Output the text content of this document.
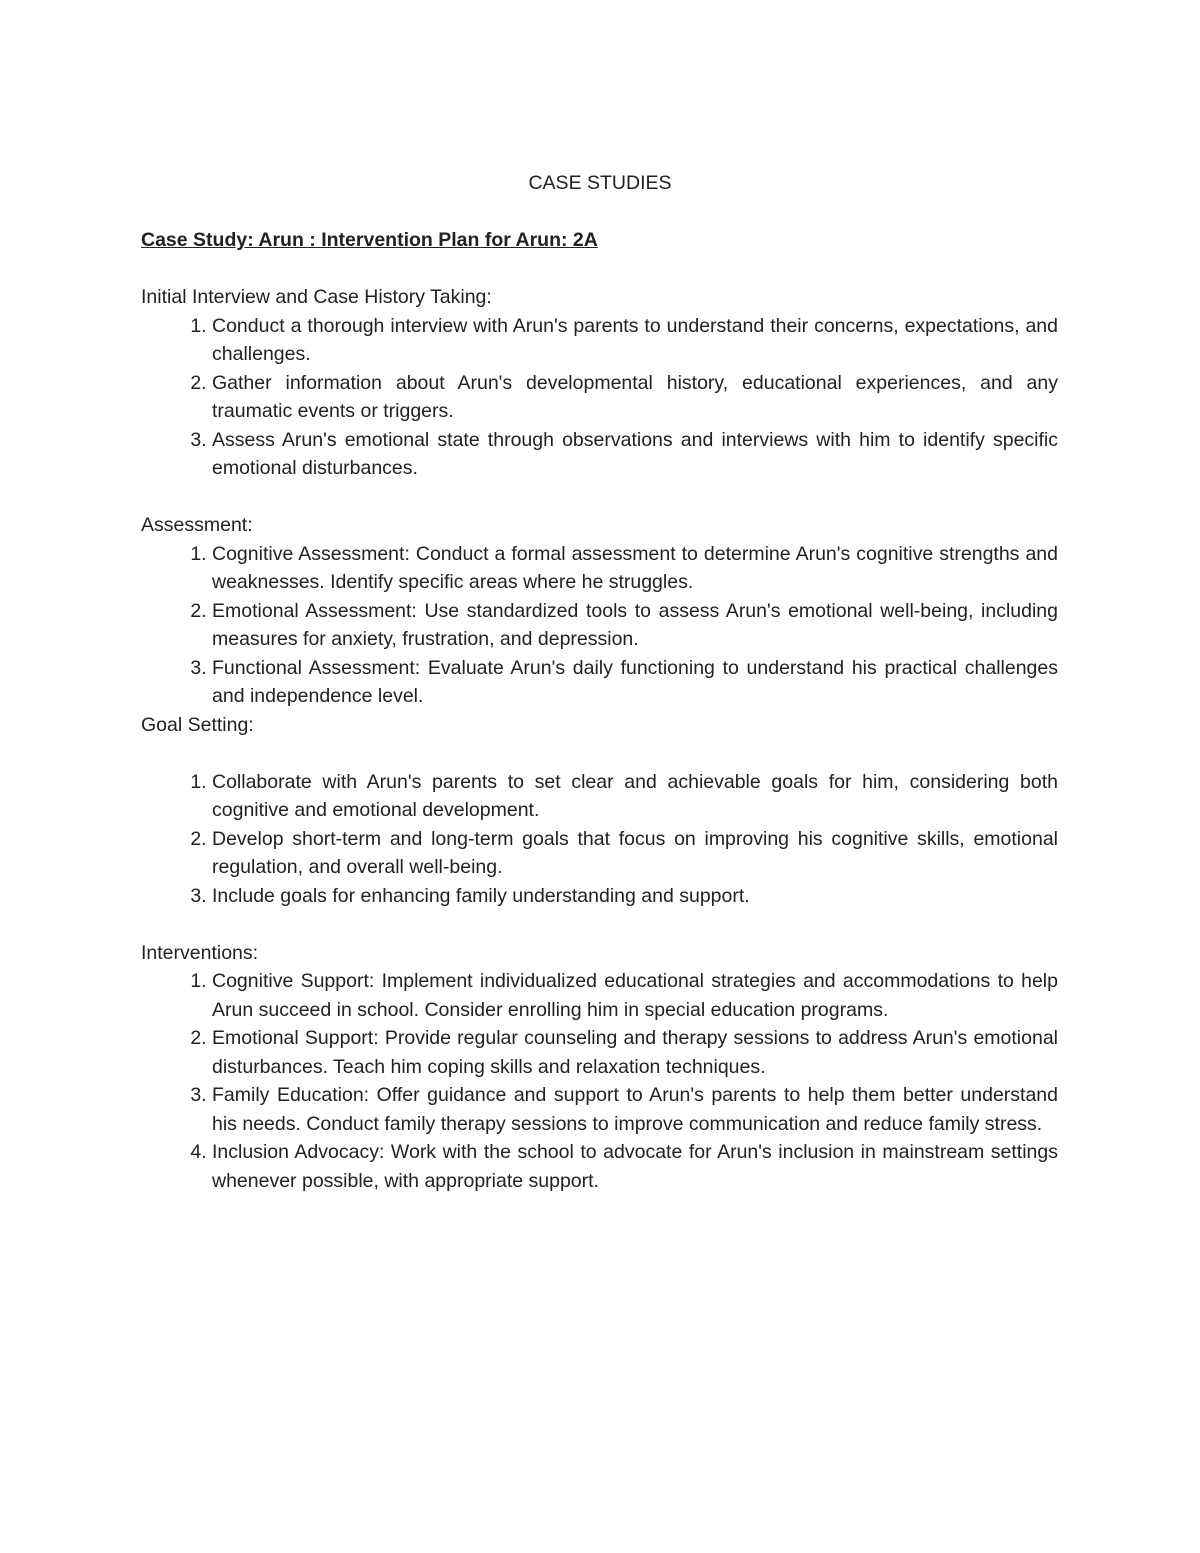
CASE STUDIES

Case Study: Arun : Intervention Plan for Arun: 2A

Initial Interview and Case History Taking:

1. Conduct a thorough interview with Arun's parents to understand their concerns, expectations, and challenges.
2. Gather information about Arun's developmental history, educational experiences, and any traumatic events or triggers.
3. Assess Arun's emotional state through observations and interviews with him to identify specific emotional disturbances.

Assessment:

1. Cognitive Assessment: Conduct a formal assessment to determine Arun's cognitive strengths and weaknesses. Identify specific areas where he struggles.
2. Emotional Assessment: Use standardized tools to assess Arun's emotional well-being, including measures for anxiety, frustration, and depression.
3. Functional Assessment: Evaluate Arun's daily functioning to understand his practical challenges and independence level.

Goal Setting:

1. Collaborate with Arun's parents to set clear and achievable goals for him, considering both cognitive and emotional development.
2. Develop short-term and long-term goals that focus on improving his cognitive skills, emotional regulation, and overall well-being.
3. Include goals for enhancing family understanding and support.

Interventions:

1. Cognitive Support: Implement individualized educational strategies and accommodations to help Arun succeed in school. Consider enrolling him in special education programs.
2. Emotional Support: Provide regular counseling and therapy sessions to address Arun's emotional disturbances. Teach him coping skills and relaxation techniques.
3. Family Education: Offer guidance and support to Arun's parents to help them better understand his needs. Conduct family therapy sessions to improve communication and reduce family stress.
4. Inclusion Advocacy: Work with the school to advocate for Arun's inclusion in mainstream settings whenever possible, with appropriate support.
